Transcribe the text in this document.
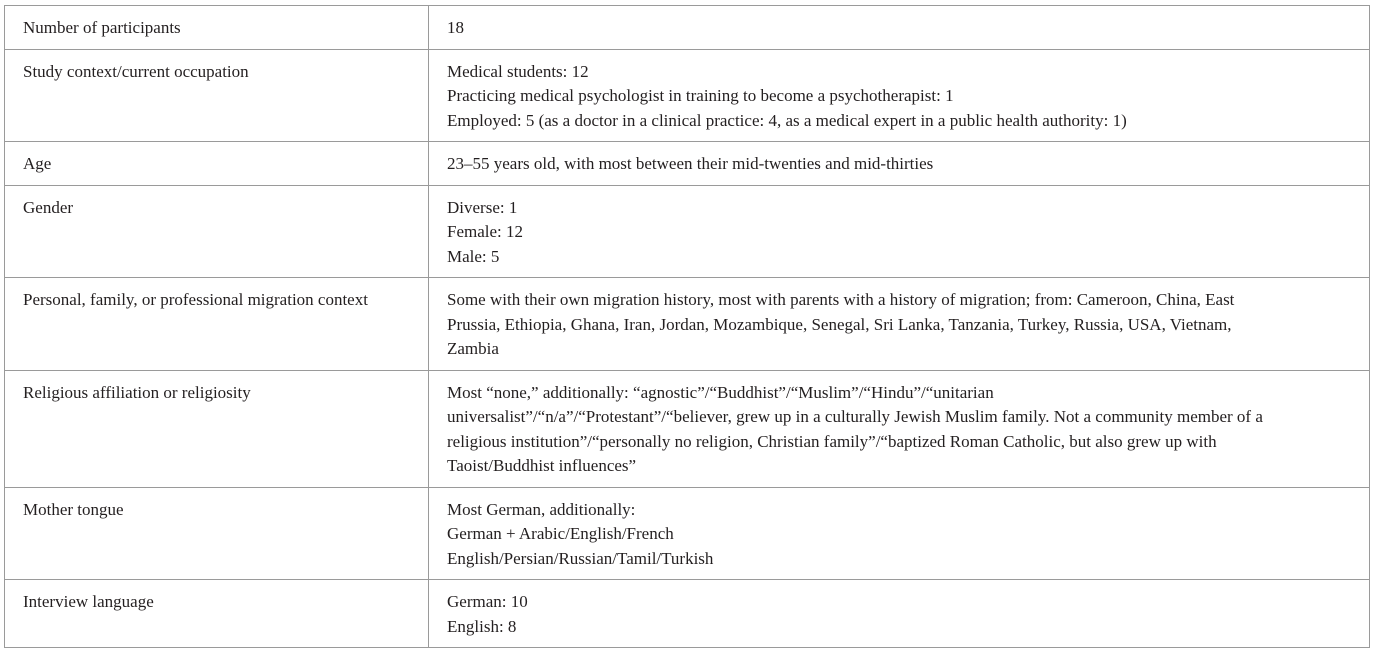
Number of participants	18

Study context/current occupation	Medical students: 12
Practicing medical psychologist in training to become a psychotherapist: 1
Employed: 5 (as a doctor in a clinical practice: 4, as a medical expert in a public health authority: 1)

Age	23–55 years old, with most between their mid-twenties and mid-thirties

Gender	Diverse: 1
Female: 12
Male: 5

Personal, family, or professional migration context	Some with their own migration history, most with parents with a history of migration; from: Cameroon, China, East
Prussia, Ethiopia, Ghana, Iran, Jordan, Mozambique, Senegal, Sri Lanka, Tanzania, Turkey, Russia, USA, Vietnam,
Zambia

Religious affiliation or religiosity	Most “none,” additionally: “agnostic”/“Buddhist”/“Muslim”/“Hindu”/“unitarian
universalist”/“n/a”/“Protestant”/“believer, grew up in a culturally Jewish Muslim family. Not a community member of a
religious institution”/“personally no religion, Christian family”/“baptized Roman Catholic, but also grew up with
Taoist/Buddhist influences”

Mother tongue	Most German, additionally:
German + Arabic/English/French
English/Persian/Russian/Tamil/Turkish

Interview language	German: 10
English: 8
